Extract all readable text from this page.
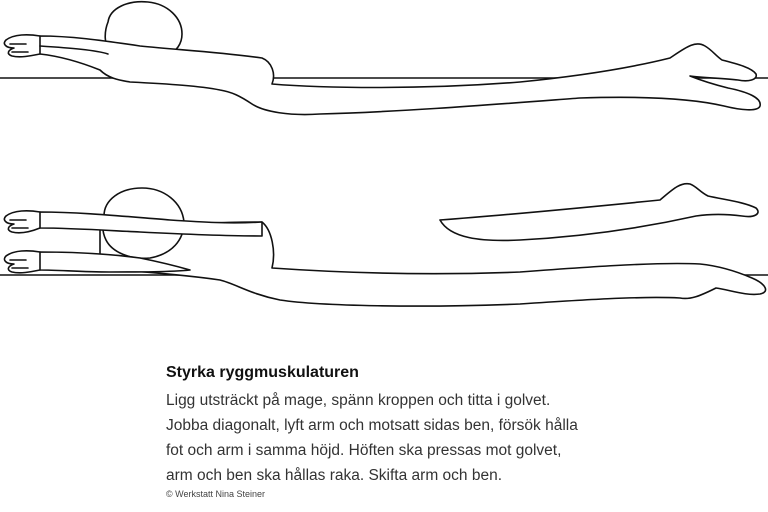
Styrka ryggmuskulaturen

Ligg utsträckt på mage, spänn kroppen och titta i golvet.
Jobba diagonalt, lyft arm och motsatt sidas ben, försök hålla
fot och arm i samma höjd. Höften ska pressas mot golvet,
arm och ben ska hållas raka. Skifta arm och ben.

© Werkstatt Nina Steiner
